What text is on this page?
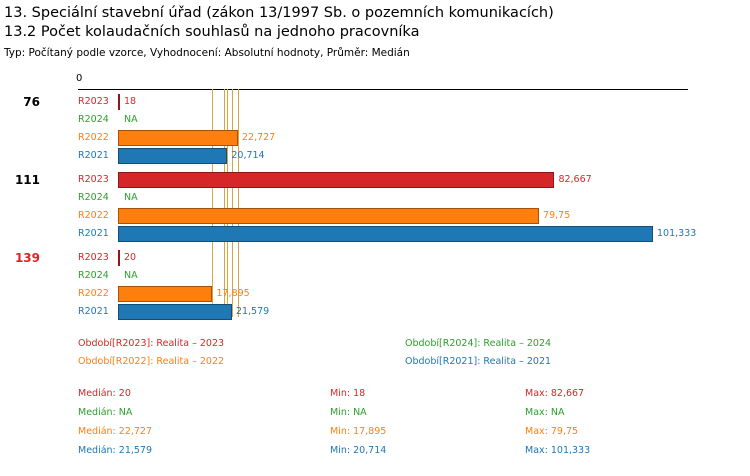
13. Speciální stavební úřad (zákon 13/1997 Sb. o pozemních komunikacích)
13.2 Počet kolaudačních souhlasů na jednoho pracovníka
Typ: Počítaný podle vzorce, Vyhodnocení: Absolutní hodnoty, Průměr: Medián
0
76	R2023 18
R2024 NA
R2022	22,727
R2021	20,714
111	R2023	82,667
R2024 NA
R2022	79,75
R2021	101,333
139	R2023 20
R2024 NA
R2022	17,895
R2021	21,579
Období[R2023]: Realita – 2023	Období[R2024]: Realita – 2024
Období[R2022]: Realita – 2022	Období[R2021]: Realita – 2021
Medián: 20	Min: 18	Max: 82,667
Medián: NA	Min: NA	Max: NA
Medián: 22,727	Min: 17,895	Max: 79,75
Medián: 21,579	Min: 20,714	Max: 101,333
